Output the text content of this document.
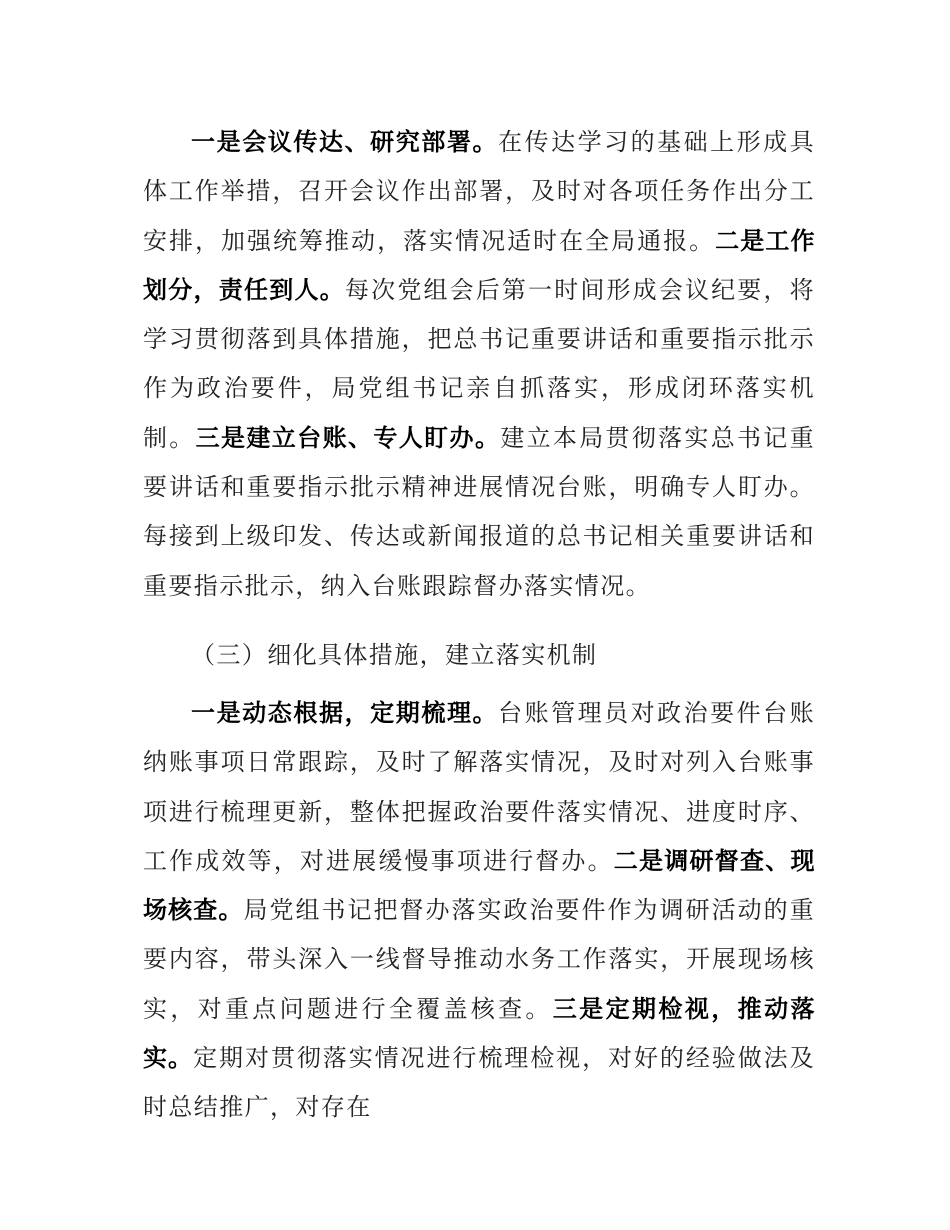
一是会议传达、研究部署。在传达学习的基础上形成具体工作举措，召开会议作出部署，及时对各项任务作出分工安排，加强统筹推动，落实情况适时在全局通报。二是工作划分，责任到人。每次党组会后第一时间形成会议纪要，将学习贯彻落到具体措施，把总书记重要讲话和重要指示批示作为政治要件，局党组书记亲自抓落实，形成闭环落实机制。三是建立台账、专人盯办。建立本局贯彻落实总书记重要讲话和重要指示批示精神进展情况台账，明确专人盯办。每接到上级印发、传达或新闻报道的总书记相关重要讲话和重要指示批示，纳入台账跟踪督办落实情况。

（三）细化具体措施，建立落实机制

一是动态根据，定期梳理。台账管理员对政治要件台账纳账事项日常跟踪，及时了解落实情况，及时对列入台账事项进行梳理更新，整体把握政治要件落实情况、进度时序、工作成效等，对进展缓慢事项进行督办。二是调研督查、现场核查。局党组书记把督办落实政治要件作为调研活动的重要内容，带头深入一线督导推动水务工作落实，开展现场核实，对重点问题进行全覆盖核查。三是定期检视，推动落实。定期对贯彻落实情况进行梳理检视，对好的经验做法及时总结推广，对存在
